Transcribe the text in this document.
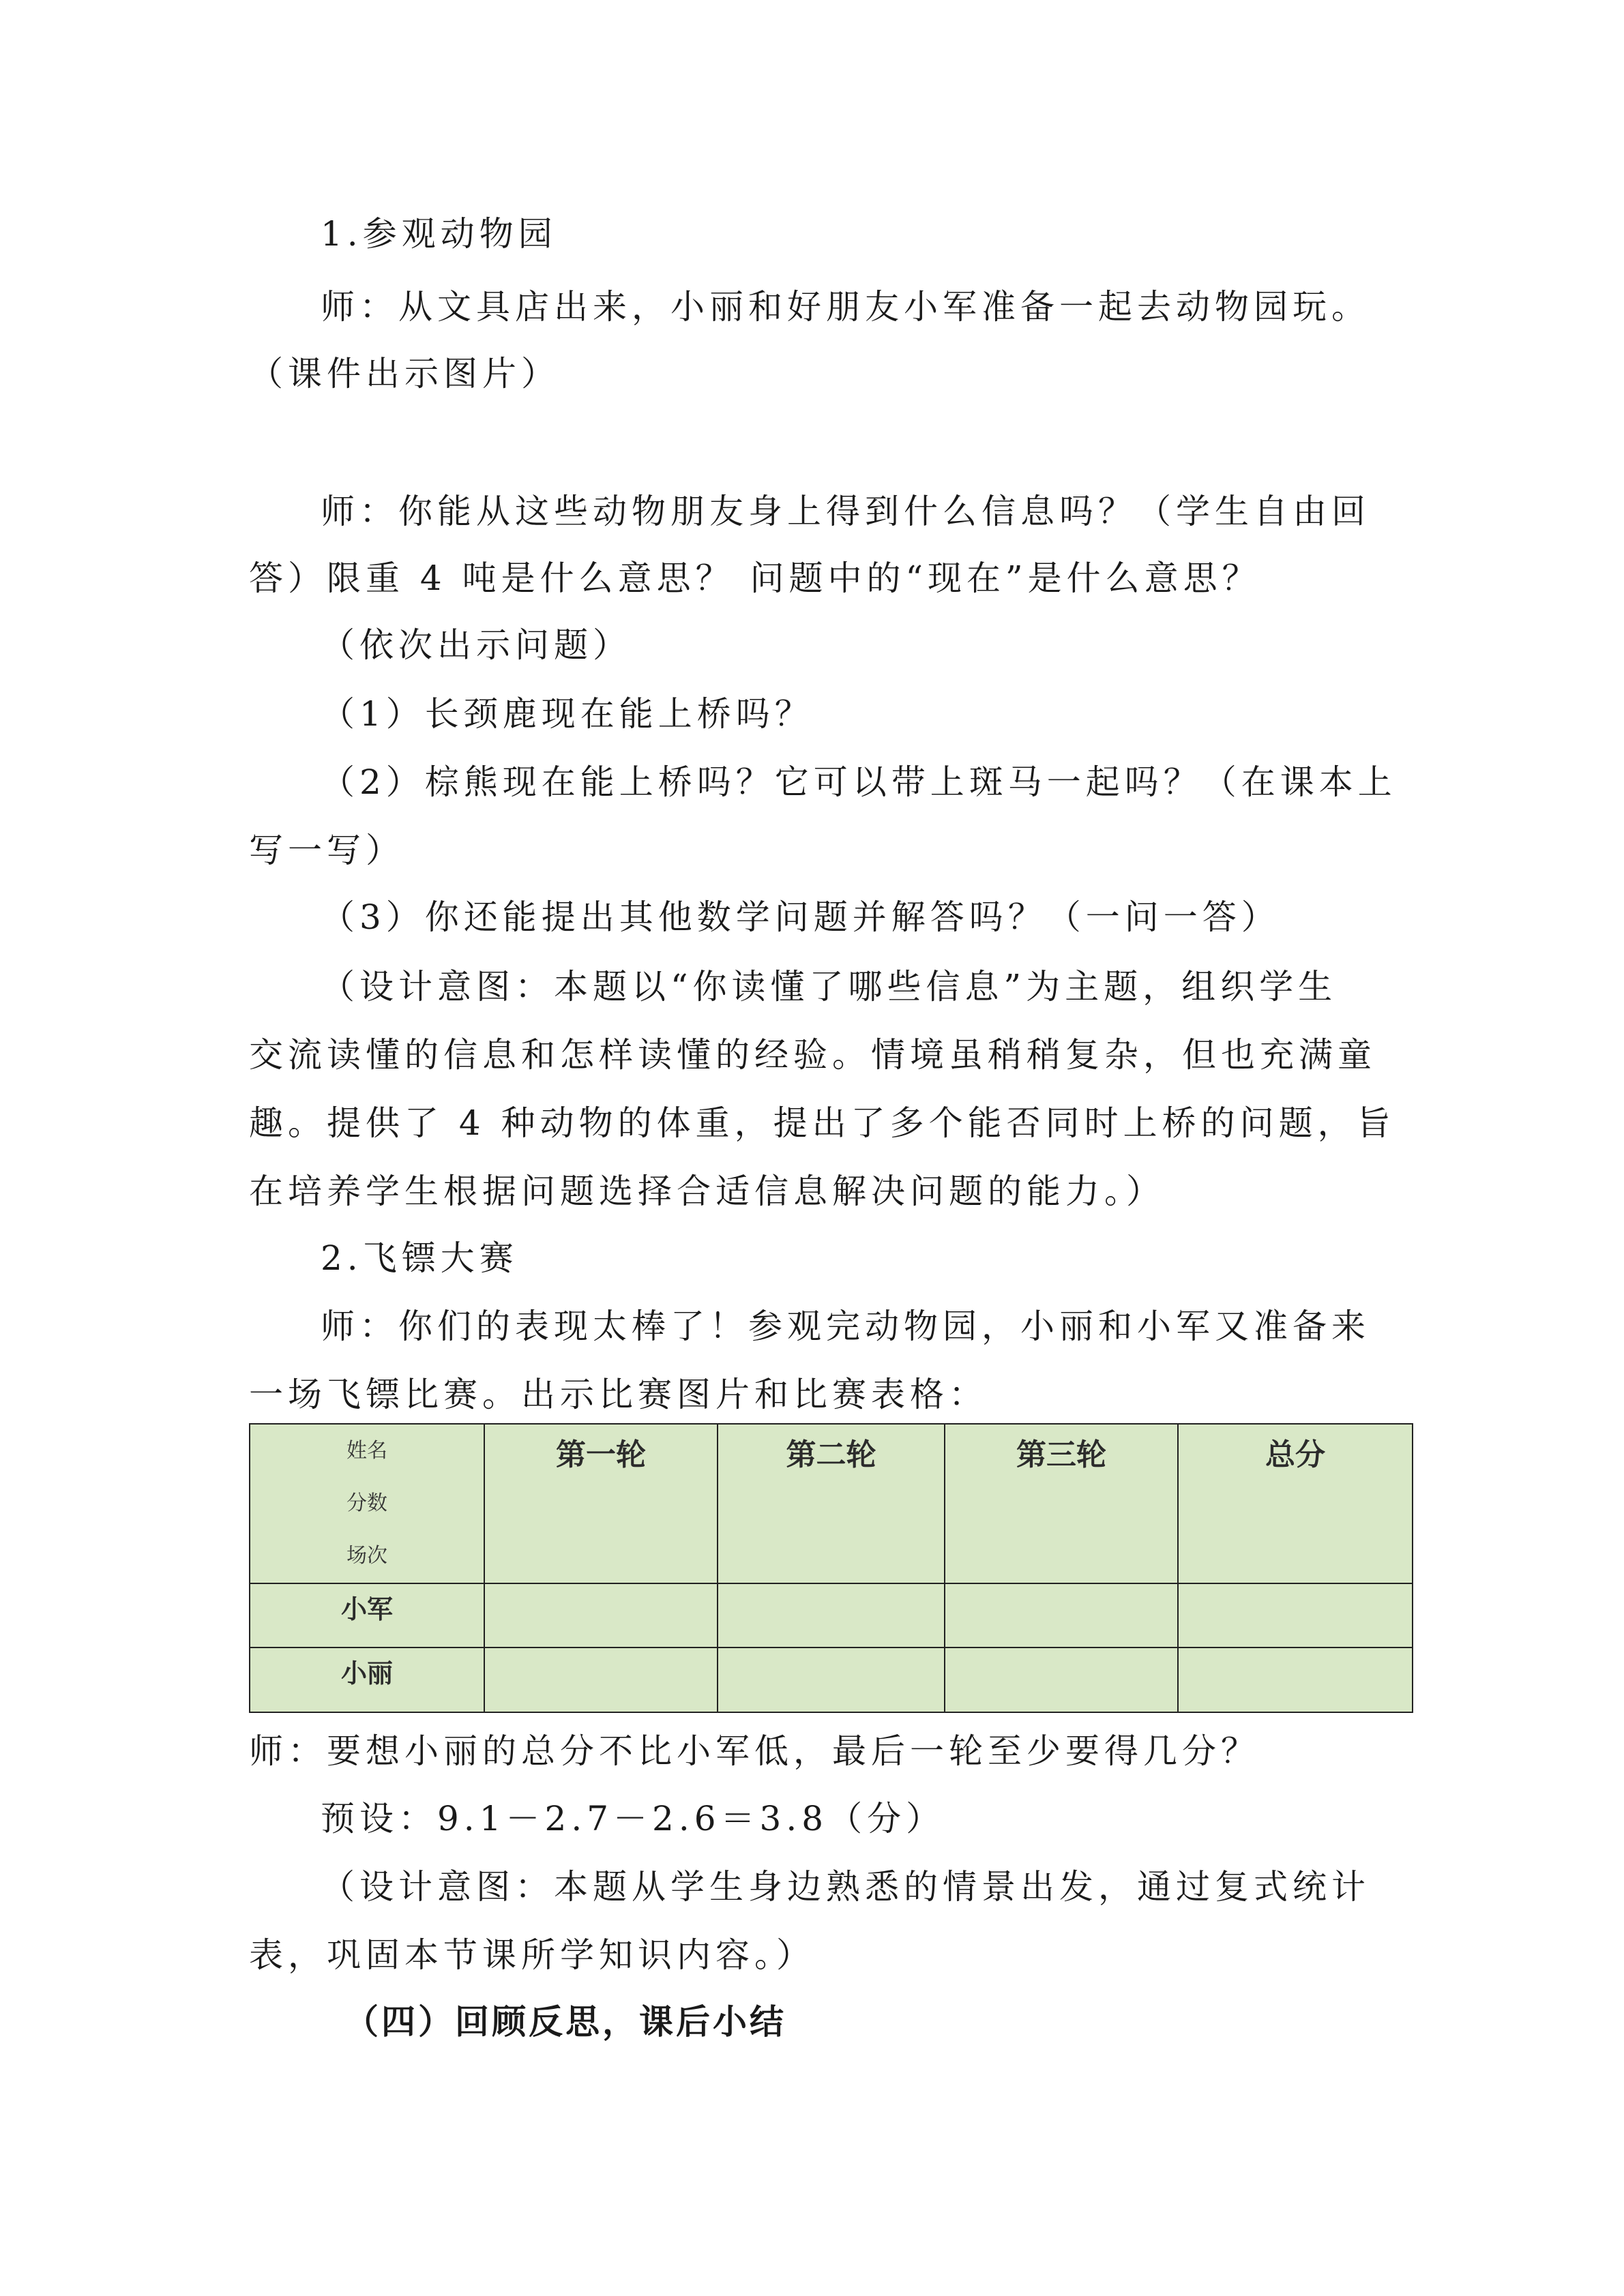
1.参观动物园
师：从文具店出来，小丽和好朋友小军准备一起去动物园玩。
（课件出示图片）
师：你能从这些动物朋友身上得到什么信息吗？（学生自由回
答）限重 4 吨是什么意思？ 问题中的“现在”是什么意思？
（依次出示问题）
（1）长颈鹿现在能上桥吗？
（2）棕熊现在能上桥吗？它可以带上斑马一起吗？（在课本上
写一写）
（3）你还能提出其他数学问题并解答吗？（一问一答）
（设计意图：本题以“你读懂了哪些信息”为主题，组织学生
交流读懂的信息和怎样读懂的经验。情境虽稍稍复杂，但也充满童
趣。提供了 4 种动物的体重，提出了多个能否同时上桥的问题，旨
在培养学生根据问题选择合适信息解决问题的能力。）
2.飞镖大赛
师：你们的表现太棒了！参观完动物园，小丽和小军又准备来
一场飞镖比赛。出示比赛图片和比赛表格：
姓名
分数
场次	第一轮	第二轮	第三轮	总分

小军				

小丽				

师：要想小丽的总分不比小军低，最后一轮至少要得几分？
预设：9.1－2.7－2.6＝3.8（分）
（设计意图：本题从学生身边熟悉的情景出发，通过复式统计
表，巩固本节课所学知识内容。）
（四）回顾反思，课后小结
